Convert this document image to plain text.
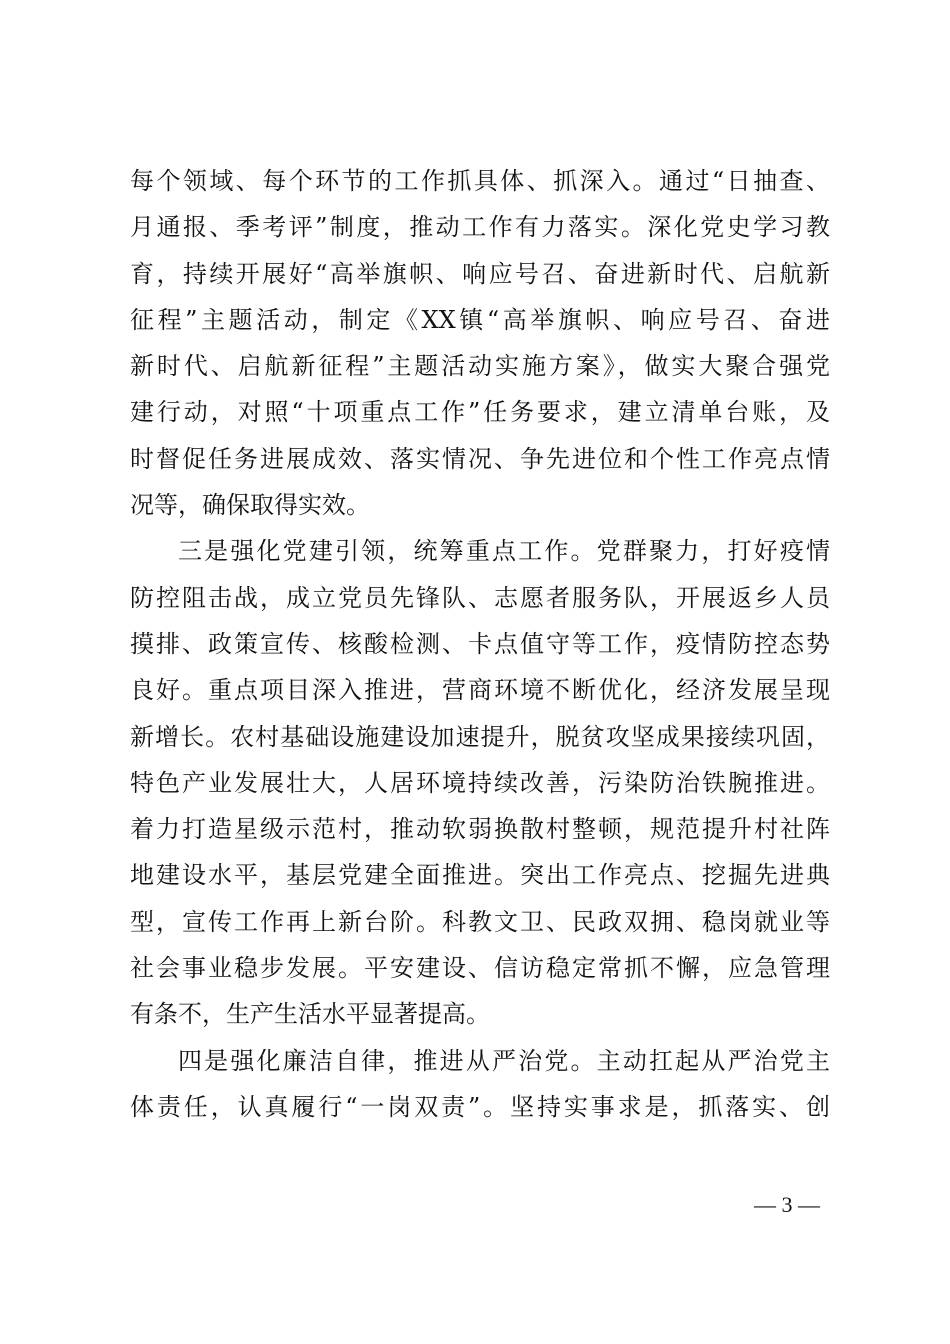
每个领域、每个环节的工作抓具体、抓深入。通过“日抽查、
月通报、季考评”制度，推动工作有力落实。深化党史学习教
育，持续开展好“高举旗帜、响应号召、奋进新时代、启航新
征程”主题活动，制定《XX镇“高举旗帜、响应号召、奋进
新时代、启航新征程”主题活动实施方案》，做实大聚合强党
建行动，对照“十项重点工作”任务要求，建立清单台账，及
时督促任务进展成效、落实情况、争先进位和个性工作亮点情
况等，确保取得实效。
三是强化党建引领，统筹重点工作。党群聚力，打好疫情
防控阻击战，成立党员先锋队、志愿者服务队，开展返乡人员
摸排、政策宣传、核酸检测、卡点值守等工作，疫情防控态势
良好。重点项目深入推进，营商环境不断优化，经济发展呈现
新增长。农村基础设施建设加速提升，脱贫攻坚成果接续巩固，
特色产业发展壮大，人居环境持续改善，污染防治铁腕推进。
着力打造星级示范村，推动软弱换散村整顿，规范提升村社阵
地建设水平，基层党建全面推进。突出工作亮点、挖掘先进典
型，宣传工作再上新台阶。科教文卫、民政双拥、稳岗就业等
社会事业稳步发展。平安建设、信访稳定常抓不懈，应急管理
有条不，生产生活水平显著提高。
四是强化廉洁自律，推进从严治党。主动扛起从严治党主
体责任，认真履行“一岗双责”。坚持实事求是，抓落实、创
— 3 —
